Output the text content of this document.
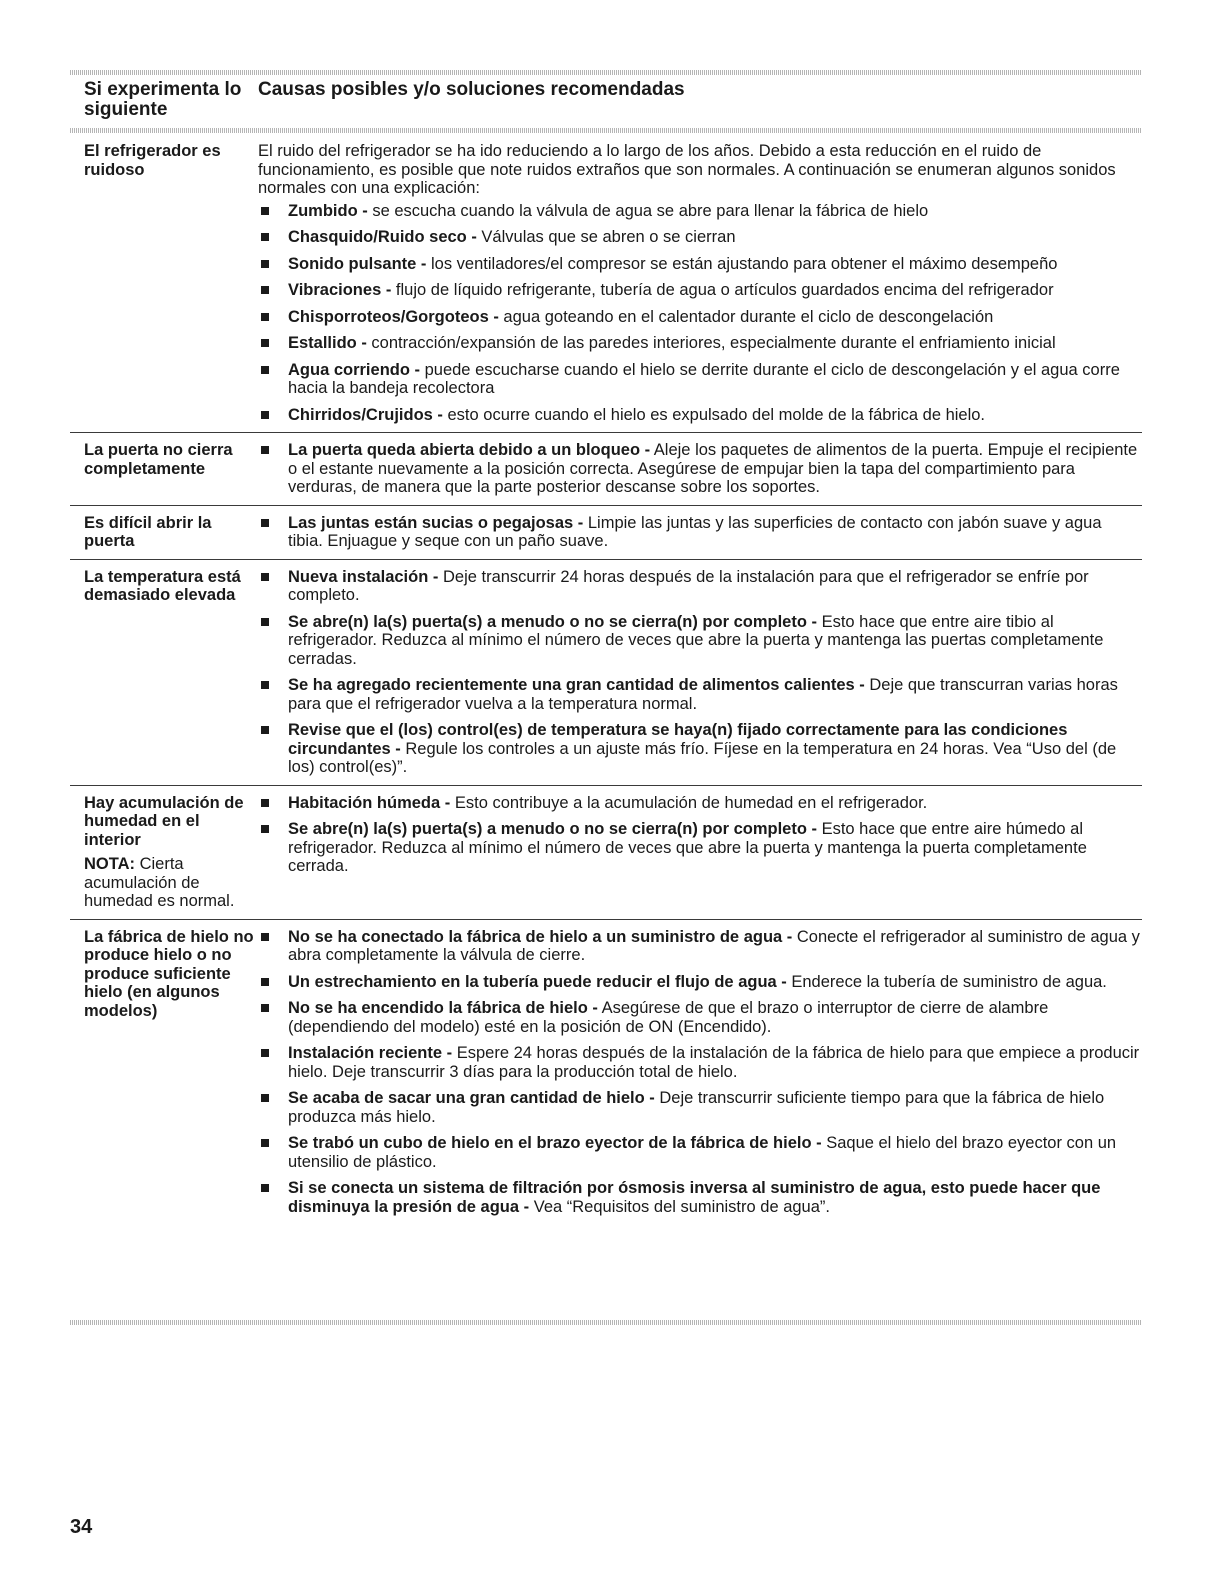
Si experimenta lo siguiente
Causas posibles y/o soluciones recomendadas
El refrigerador es ruidoso

El ruido del refrigerador se ha ido reduciendo a lo largo de los años. Debido a esta reducción en el ruido de funcionamiento, es posible que note ruidos extraños que son normales. A continuación se enumeran algunos sonidos normales con una explicación:

Zumbido - se escucha cuando la válvula de agua se abre para llenar la fábrica de hielo
Chasquido/Ruido seco - Válvulas que se abren o se cierran
Sonido pulsante - los ventiladores/el compresor se están ajustando para obtener el máximo desempeño
Vibraciones - flujo de líquido refrigerante, tubería de agua o artículos guardados encima del refrigerador
Chisporroteos/Gorgoteos - agua goteando en el calentador durante el ciclo de descongelación
Estallido - contracción/expansión de las paredes interiores, especialmente durante el enfriamiento inicial
Agua corriendo - puede escucharse cuando el hielo se derrite durante el ciclo de descongelación y el agua corre hacia la bandeja recolectora
Chirridos/Crujidos - esto ocurre cuando el hielo es expulsado del molde de la fábrica de hielo.
La puerta no cierra completamente
La puerta queda abierta debido a un bloqueo - Aleje los paquetes de alimentos de la puerta. Empuje el recipiente o el estante nuevamente a la posición correcta. Asegúrese de empujar bien la tapa del compartimiento para verduras, de manera que la parte posterior descanse sobre los soportes.
Es difícil abrir la puerta
Las juntas están sucias o pegajosas - Limpie las juntas y las superficies de contacto con jabón suave y agua tibia. Enjuague y seque con un paño suave.
La temperatura está demasiado elevada
Nueva instalación - Deje transcurrir 24 horas después de la instalación para que el refrigerador se enfríe por completo.
Se abre(n) la(s) puerta(s) a menudo o no se cierra(n) por completo - Esto hace que entre aire tibio al refrigerador. Reduzca al mínimo el número de veces que abre la puerta y mantenga las puertas completamente cerradas.
Se ha agregado recientemente una gran cantidad de alimentos calientes - Deje que transcurran varias horas para que el refrigerador vuelva a la temperatura normal.
Revise que el (los) control(es) de temperatura se haya(n) fijado correctamente para las condiciones circundantes - Regule los controles a un ajuste más frío. Fíjese en la temperatura en 24 horas. Vea “Uso del (de los) control(es)”.
Hay acumulación de humedad en el interior
NOTA: Cierta acumulación de humedad es normal.
Habitación húmeda - Esto contribuye a la acumulación de humedad en el refrigerador.
Se abre(n) la(s) puerta(s) a menudo o no se cierra(n) por completo - Esto hace que entre aire húmedo al refrigerador. Reduzca al mínimo el número de veces que abre la puerta y mantenga la puerta completamente cerrada.
La fábrica de hielo no produce hielo o no produce suficiente hielo (en algunos modelos)
No se ha conectado la fábrica de hielo a un suministro de agua - Conecte el refrigerador al suministro de agua y abra completamente la válvula de cierre.
Un estrechamiento en la tubería puede reducir el flujo de agua - Enderece la tubería de suministro de agua.
No se ha encendido la fábrica de hielo - Asegúrese de que el brazo o interruptor de cierre de alambre (dependiendo del modelo) esté en la posición de ON (Encendido).
Instalación reciente - Espere 24 horas después de la instalación de la fábrica de hielo para que empiece a producir hielo. Deje transcurrir 3 días para la producción total de hielo.
Se acaba de sacar una gran cantidad de hielo - Deje transcurrir suficiente tiempo para que la fábrica de hielo produzca más hielo.
Se trabó un cubo de hielo en el brazo eyector de la fábrica de hielo - Saque el hielo del brazo eyector con un utensilio de plástico.
Si se conecta un sistema de filtración por ósmosis inversa al suministro de agua, esto puede hacer que disminuya la presión de agua - Vea “Requisitos del suministro de agua”.
34
